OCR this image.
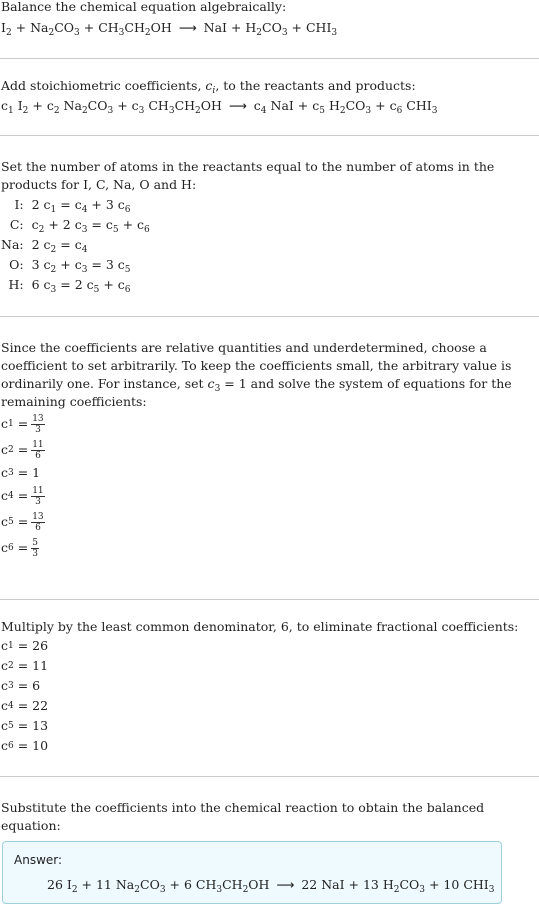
Balance the chemical equation algebraically:
$I_2 + Na_2CO_3 + CH_3CH_2OH$ ⟶ NaI + $H_2CO_3 + CHI_3$
Add stoichiometric coefficients, $c_i$, to the reactants and products:
$c_1$ $I_2 + c_2$ $Na_2CO_3 + c_3$ $CH_3CH_2OH$ ⟶ $c_4$ NaI + $c_5$ $H_2CO_3 + c_6$ $CHI_3$
Set the number of atoms in the reactants equal to the number of atoms in the products for I, C, Na, O and H:
I:	2 $c_1 = c_4 + 3$ $c_6$
C:	$c_2 + 2$ $c_3 = c_5 + c_6$
Na:	2 $c_2 = c_4$
O:	3 $c_2 + c_3 = 3$ $c_5$
H:	6 $c_3 = 2$ $c_5 + c_6$
Since the coefficients are relative quantities and underdetermined, choose a coefficient to set arbitrarily. To keep the coefficients small, the arbitrary value is ordinarily one. For instance, set $c_3 = 1$ and solve the system of equations for the remaining coefficients:
c $1 = \frac{13}{3}$
c $2 = \frac{11}{6}$
c 3 = 1
c $4 = \frac{11}{3}$
c $5 = \frac{13}{6}$
c $6 = \frac{5}{3}$
Multiply by the least common denominator, 6, to eliminate fractional coefficients:
c 1 = 26
c 2 = 11
c 3 = 6
c 4 = 22
c 5 = 13
c 6 = 10
Substitute the coefficients into the chemical reaction to obtain the balanced equation:
Answer:
26 $I_2 + 11$ $Na_2CO_3 + 6$ $CH_3CH_2OH$ ⟶ 22 NaI + 13 $H_2CO_3 + 10$ $CHI_3$
